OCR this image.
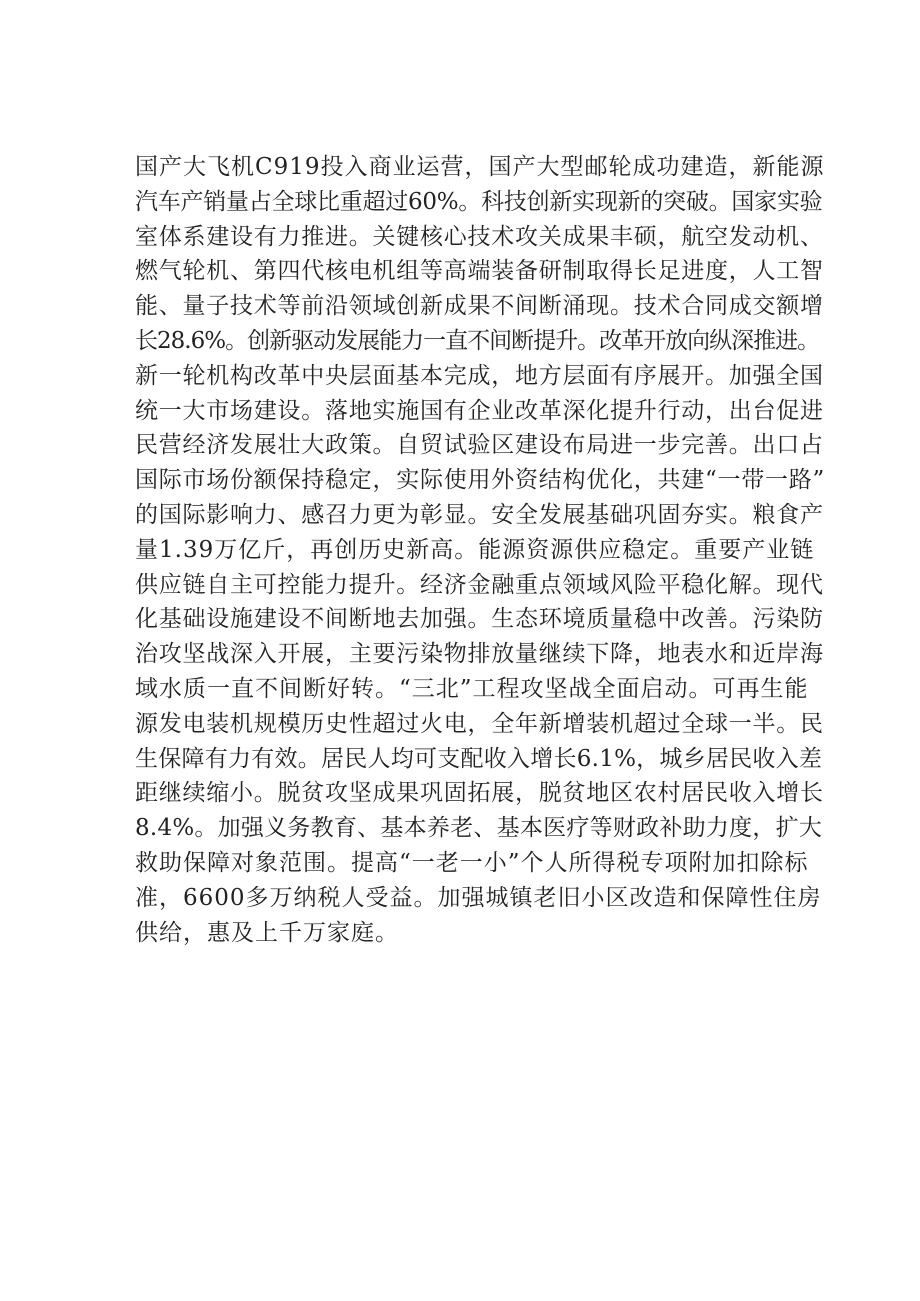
国产大飞机C919投入商业运营，国产大型邮轮成功建造，新能源
汽车产销量占全球比重超过60%。科技创新实现新的突破。国家实验
室体系建设有力推进。关键核心技术攻关成果丰硕，航空发动机、
燃气轮机、第四代核电机组等高端装备研制取得长足进度，人工智
能、量子技术等前沿领域创新成果不间断涌现。技术合同成交额增
长28.6%。创新驱动发展能力一直不间断提升。改革开放向纵深推进。
新一轮机构改革中央层面基本完成，地方层面有序展开。加强全国
统一大市场建设。落地实施国有企业改革深化提升行动，出台促进
民营经济发展壮大政策。自贸试验区建设布局进一步完善。出口占
国际市场份额保持稳定，实际使用外资结构优化，共建“一带一路”
的国际影响力、感召力更为彰显。安全发展基础巩固夯实。粮食产
量1.39万亿斤，再创历史新高。能源资源供应稳定。重要产业链
供应链自主可控能力提升。经济金融重点领域风险平稳化解。现代
化基础设施建设不间断地去加强。生态环境质量稳中改善。污染防
治攻坚战深入开展，主要污染物排放量继续下降，地表水和近岸海
域水质一直不间断好转。“三北”工程攻坚战全面启动。可再生能
源发电装机规模历史性超过火电，全年新增装机超过全球一半。民
生保障有力有效。居民人均可支配收入增长6.1%，城乡居民收入差
距继续缩小。脱贫攻坚成果巩固拓展，脱贫地区农村居民收入增长
8.4%。加强义务教育、基本养老、基本医疗等财政补助力度，扩大
救助保障对象范围。提高“一老一小”个人所得税专项附加扣除标
准，6600多万纳税人受益。加强城镇老旧小区改造和保障性住房
供给，惠及上千万家庭。
